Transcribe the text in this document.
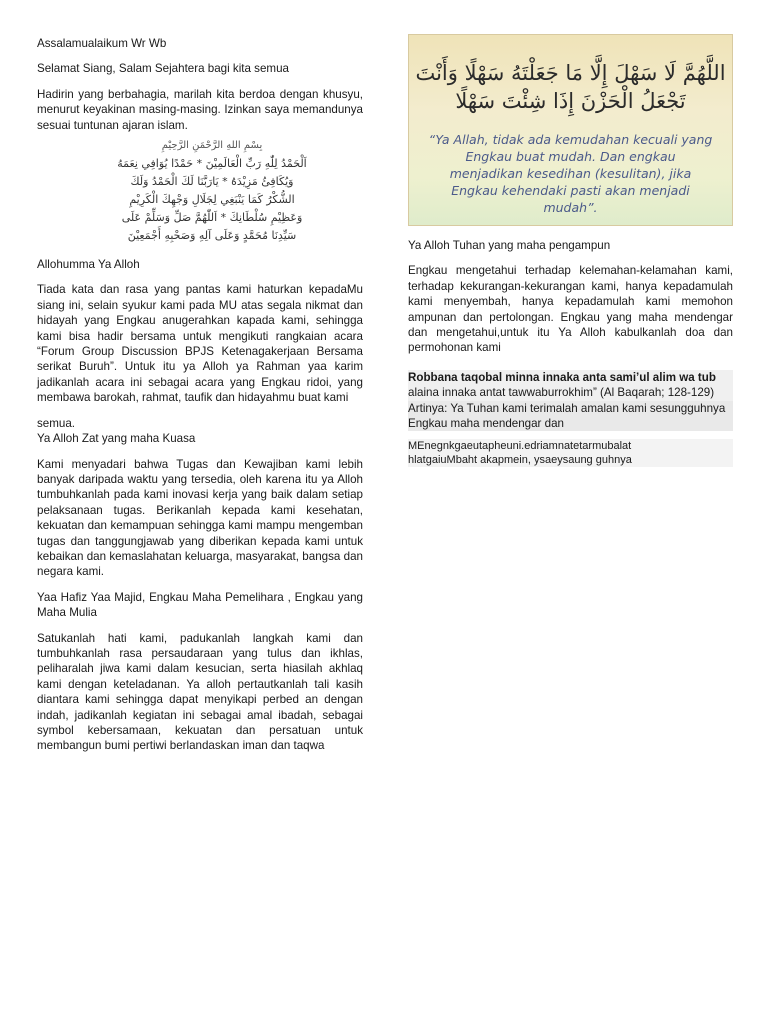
Assalamualaikum Wr Wb

Selamat Siang, Salam Sejahtera bagi kita semua

Hadirin yang berbahagia, marilah kita berdoa dengan khusyu, menurut keyakinan masing-masing. Izinkan saya memandunya sesuai tuntunan ajaran islam.

بِسْمِ اللهِ الرَّحْمَنِ الرَّحِيْمِ
اَلْحَمْدُ لِلّٰهِ رَبِّ الْعَالَمِيْنَ * حَمْدًا يُوَافِي نِعَمَهُ
وَيُكَافِئُ مَزِيْدَهُ * يَارَبَّنَا لَكَ الْحَمْدُ وَلَكَ
الشُّكْرُ كَمَا يَنْبَغِي لِجَلَالِ وَجْهِكَ الْكَرِيْمِ
وَعَظِيْمِ سُلْطَانِكَ * اَللّٰهُمَّ صَلِّ وَسَلِّمْ عَلَى
سَيِّدِنَا مُحَمَّدٍ وَعَلَى آلِهِ وَصَحْبِهِ أَجْمَعِيْنَ

Allohumma Ya Alloh

Tiada kata dan rasa yang pantas kami haturkan kepadaMu siang ini, selain syukur kami pada MU atas segala nikmat dan hidayah yang Engkau anugerahkan kapada kami, sehingga kami bisa hadir bersama untuk mengikuti rangkaian acara “Forum Group Discussion BPJS Ketenagakerjaan Bersama serikat Buruh”. Untuk itu ya Alloh ya Rahman yaa karim jadikanlah acara ini sebagai acara yang Engkau ridoi, yang membawa barokah, rahmat, taufik dan hidayahmu buat kami

semua.

Ya Alloh Zat yang maha Kuasa

Kami menyadari bahwa Tugas dan Kewajiban kami lebih banyak daripada waktu yang tersedia, oleh karena itu ya Alloh tumbuhkanlah pada kami inovasi kerja yang baik dalam setiap pelaksanaan tugas. Berikanlah kepada kami kesehatan, kekuatan dan kemampuan sehingga kami mampu mengemban tugas dan tanggungjawab yang diberikan kepada kami untuk kebaikan dan kemaslahatan keluarga, masyarakat, bangsa dan negara kami.

Yaa Hafiz Yaa Majid, Engkau Maha Pemelihara , Engkau yang Maha Mulia

Satukanlah hati kami, padukanlah langkah kami dan tumbuhkanlah rasa persaudaraan yang tulus dan ikhlas, peliharalah jiwa kami dalam kesucian, serta hiasilah akhlaq kami dengan keteladanan. Ya alloh pertautkanlah tali kasih diantara kami sehingga dapat menyikapi perbed an dengan indah, jadikanlah kegiatan ini sebagai amal ibadah, sebagai symbol kebersamaan, kekuatan dan persatuan untuk membangun bumi pertiwi berlandaskan iman dan taqwa

اللَّهُمَّ لَا سَهْلَ إِلَّا مَا جَعَلْتَهُ سَهْلًا وَأَنْتَ
تَجْعَلُ الْحَزْنَ إِذَا شِئْتَ سَهْلًا
“Ya Allah, tidak ada kemudahan kecuali yang Engkau buat mudah. Dan engkau menjadikan kesedihan (kesulitan), jika Engkau kehendaki pasti akan menjadi mudah”.

Ya Alloh Tuhan yang maha pengampun

Engkau mengetahui terhadap kelemahan-kelamahan kami, terhadap kekurangan-kekurangan kami, hanya kepadamulah kami menyembah, hanya kepadamulah kami memohon ampunan dan pertolongan. Engkau yang maha mendengar dan mengetahui,untuk itu Ya Alloh kabulkanlah doa dan permohonan kami

Robbana taqobal minna innaka anta sami’ul alim wa tub

alaina innaka antat tawwaburrokhim” (Al Baqarah; 128-129)

Artinya: Ya Tuhan kami terimalah amalan kami sesungguhnya Engkau maha mendengar dan

MEnegnkgaeutapheuni.edriamnatetarmubalat
hlatgaiuMbaht akapmein, ysaeysaung guhnya
